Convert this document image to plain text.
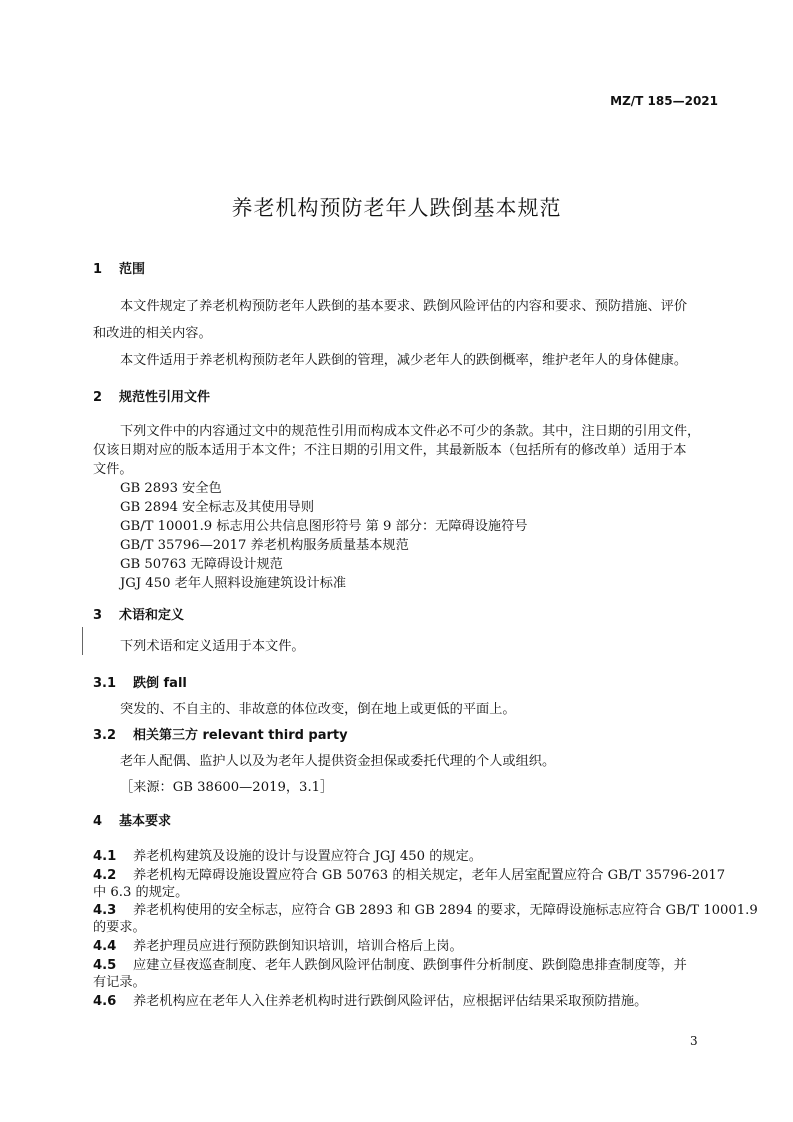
MZ/T 185—2021
养老机构预防老年人跌倒基本规范
1 范围
本文件规定了养老机构预防老年人跌倒的基本要求、跌倒风险评估的内容和要求、预防措施、评价
和改进的相关内容。
本文件适用于养老机构预防老年人跌倒的管理，减少老年人的跌倒概率，维护老年人的身体健康。
2 规范性引用文件
下列文件中的内容通过文中的规范性引用而构成本文件必不可少的条款。其中，注日期的引用文件，
仅该日期对应的版本适用于本文件；不注日期的引用文件，其最新版本（包括所有的修改单）适用于本
文件。
GB 2893 安全色
GB 2894 安全标志及其使用导则
GB/T 10001.9 标志用公共信息图形符号 第 9 部分：无障碍设施符号
GB/T 35796—2017 养老机构服务质量基本规范
GB 50763 无障碍设计规范
JGJ 450 老年人照料设施建筑设计标准
3 术语和定义
下列术语和定义适用于本文件。
3.1 跌倒 fall
突发的、不自主的、非故意的体位改变，倒在地上或更低的平面上。
3.2 相关第三方 relevant third party
老年人配偶、监护人以及为老年人提供资金担保或委托代理的个人或组织。
［来源：GB 38600—2019，3.1］
4 基本要求
4.1 养老机构建筑及设施的设计与设置应符合 JGJ 450 的规定。
4.2 养老机构无障碍设施设置应符合 GB 50763 的相关规定，老年人居室配置应符合 GB/T 35796-2017
中 6.3 的规定。
4.3 养老机构使用的安全标志，应符合 GB 2893 和 GB 2894 的要求，无障碍设施标志应符合 GB/T 10001.9
的要求。
4.4 养老护理员应进行预防跌倒知识培训，培训合格后上岗。
4.5 应建立昼夜巡查制度、老年人跌倒风险评估制度、跌倒事件分析制度、跌倒隐患排查制度等，并
有记录。
4.6 养老机构应在老年人入住养老机构时进行跌倒风险评估，应根据评估结果采取预防措施。
3
